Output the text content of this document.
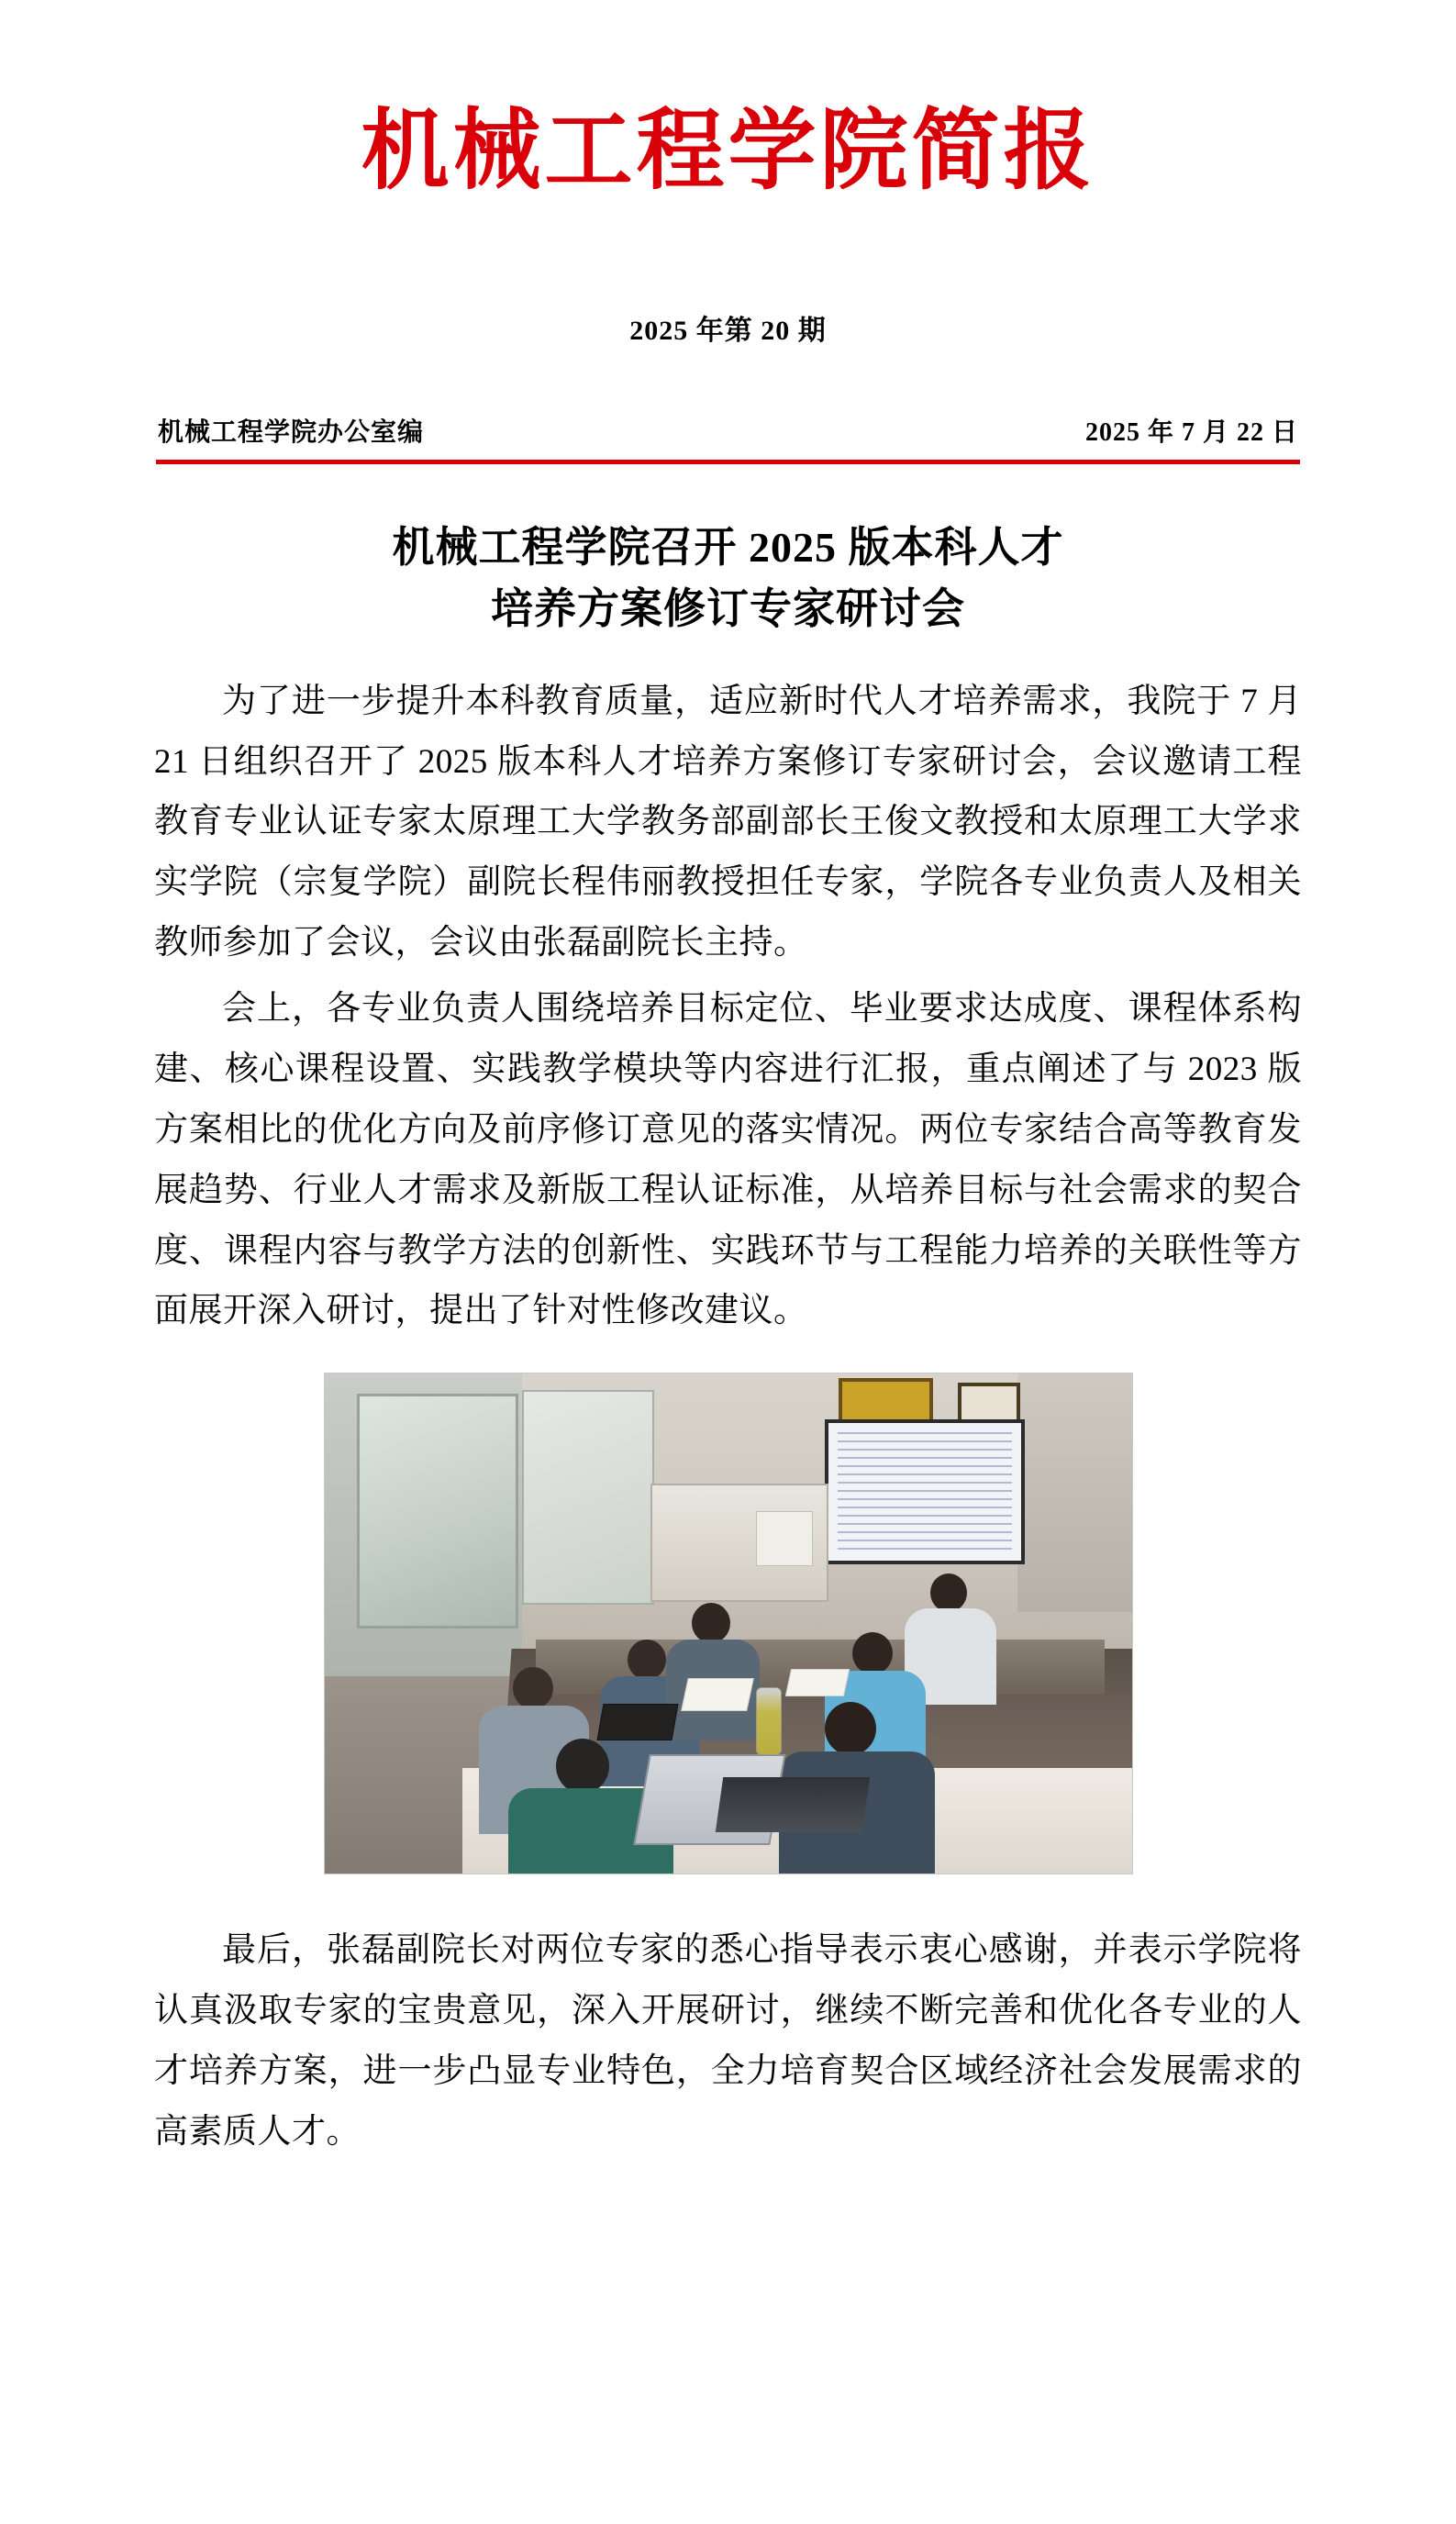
机械工程学院简报
2025 年第 20 期
机械工程学院办公室编	2025 年 7 月 22 日
机械工程学院召开 2025 版本科人才
培养方案修订专家研讨会

为了进一步提升本科教育质量，适应新时代人才培养需求，我院于 7 月 21 日组织召开了 2025 版本科人才培养方案修订专家研讨会，会议邀请工程教育专业认证专家太原理工大学教务部副部长王俊文教授和太原理工大学求实学院（宗复学院）副院长程伟丽教授担任专家，学院各专业负责人及相关教师参加了会议，会议由张磊副院长主持。

会上，各专业负责人围绕培养目标定位、毕业要求达成度、课程体系构建、核心课程设置、实践教学模块等内容进行汇报，重点阐述了与 2023 版方案相比的优化方向及前序修订意见的落实情况。两位专家结合高等教育发展趋势、行业人才需求及新版工程认证标准，从培养目标与社会需求的契合度、课程内容与教学方法的创新性、实践环节与工程能力培养的关联性等方面展开深入研讨，提出了针对性修改建议。

最后，张磊副院长对两位专家的悉心指导表示衷心感谢，并表示学院将认真汲取专家的宝贵意见，深入开展研讨，继续不断完善和优化各专业的人才培养方案，进一步凸显专业特色，全力培育契合区域经济社会发展需求的高素质人才。
